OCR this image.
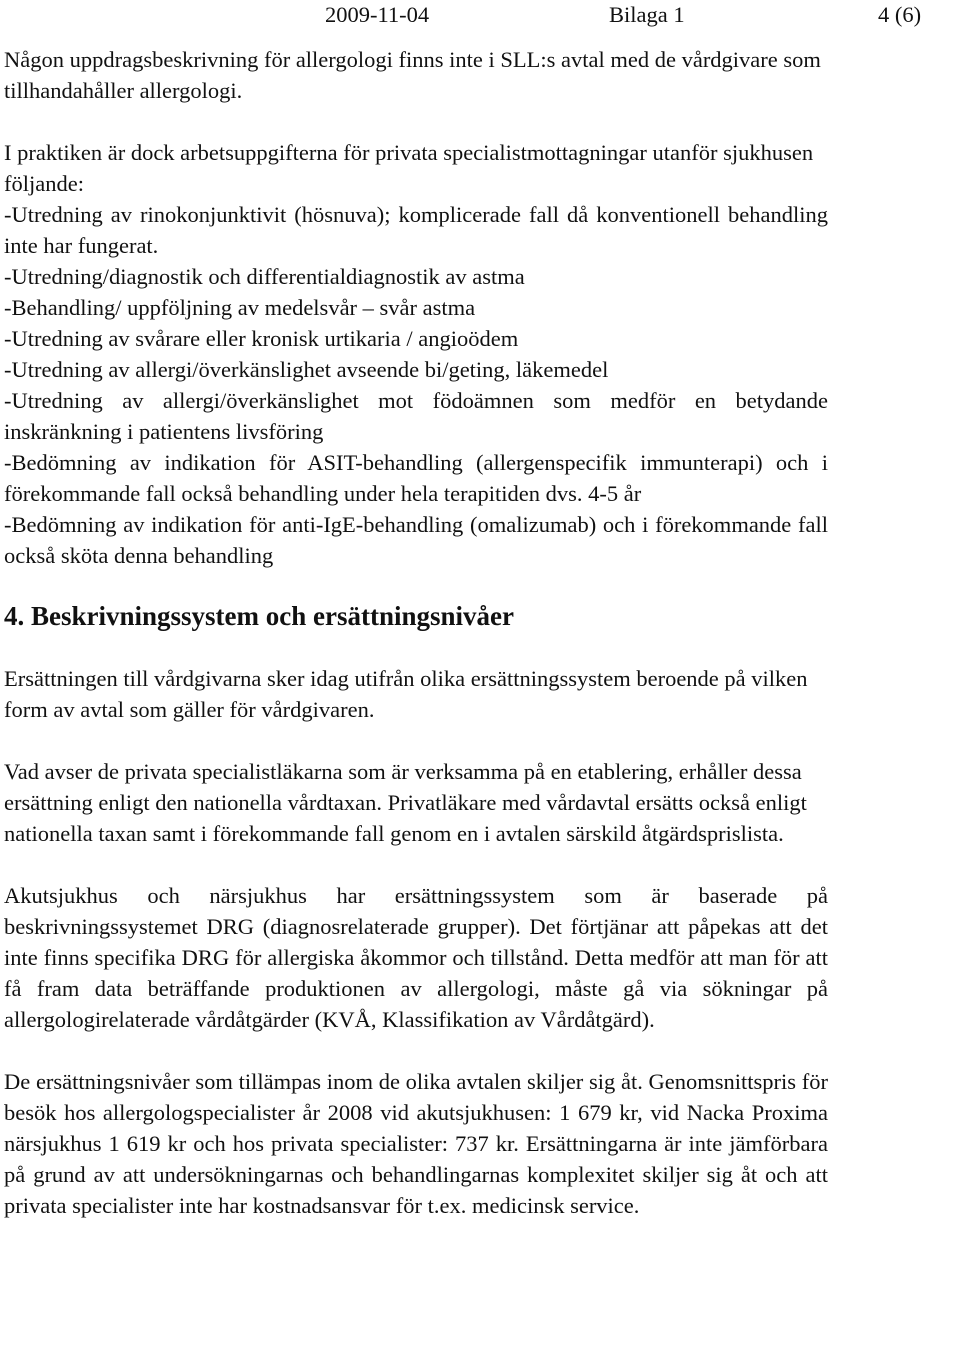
2009-11-04	Bilaga 1

Någon uppdragsbeskrivning för allergologi finns inte i SLL:s avtal med de vårdgivare som tillhandahåller allergologi.

I praktiken är dock arbetsuppgifterna för privata specialistmottagningar utanför sjukhusen följande:

-Utredning av rinokonjunktivit (hösnuva); komplicerade fall då konventionell behandling inte har fungerat.
-Utredning/diagnostik och differentialdiagnostik av astma
-Behandling/ uppföljning av medelsvår – svår astma
-Utredning av svårare eller kronisk urtikaria / angioödem
-Utredning av allergi/överkänslighet avseende bi/geting, läkemedel
-Utredning av allergi/överkänslighet mot födoämnen som medför en betydande inskränkning i patientens livsföring
-Bedömning av indikation för ASIT-behandling (allergenspecifik immunterapi) och i förekommande fall också behandling under hela terapitiden dvs. 4-5 år
-Bedömning av indikation för anti-IgE-behandling (omalizumab) och i förekommande fall också sköta denna behandling
4. Beskrivningssystem och ersättningsnivåer

Ersättningen till vårdgivarna sker idag utifrån olika ersättningssystem beroende på vilken form av avtal som gäller för vårdgivaren.

Vad avser de privata specialistläkarna som är verksamma på en etablering, erhåller dessa ersättning enligt den nationella vårdtaxan. Privatläkare med vårdavtal ersätts också enligt nationella taxan samt i förekommande fall genom en i avtalen särskild åtgärdsprislista.

Akutsjukhus och närsjukhus har ersättningssystem som är baserade på beskrivningssystemet DRG (diagnosrelaterade grupper). Det förtjänar att påpekas att det inte finns specifika DRG för allergiska åkommor och tillstånd. Detta medför att man för att få fram data beträffande produktionen av allergologi, måste gå via sökningar på allergologirelaterade vårdåtgärder (KVÅ, Klassifikation av Vårdåtgärd).

De ersättningsnivåer som tillämpas inom de olika avtalen skiljer sig åt. Genomsnittspris för besök hos allergologspecialister år 2008 vid akutsjukhusen: 1 679 kr, vid Nacka Proxima närsjukhus 1 619 kr och hos privata specialister: 737 kr. Ersättningarna är inte jämförbara på grund av att undersökningarnas och behandlingarnas komplexitet skiljer sig åt och att privata specialister inte har kostnadsansvar för t.ex. medicinsk service.

4 (6)
